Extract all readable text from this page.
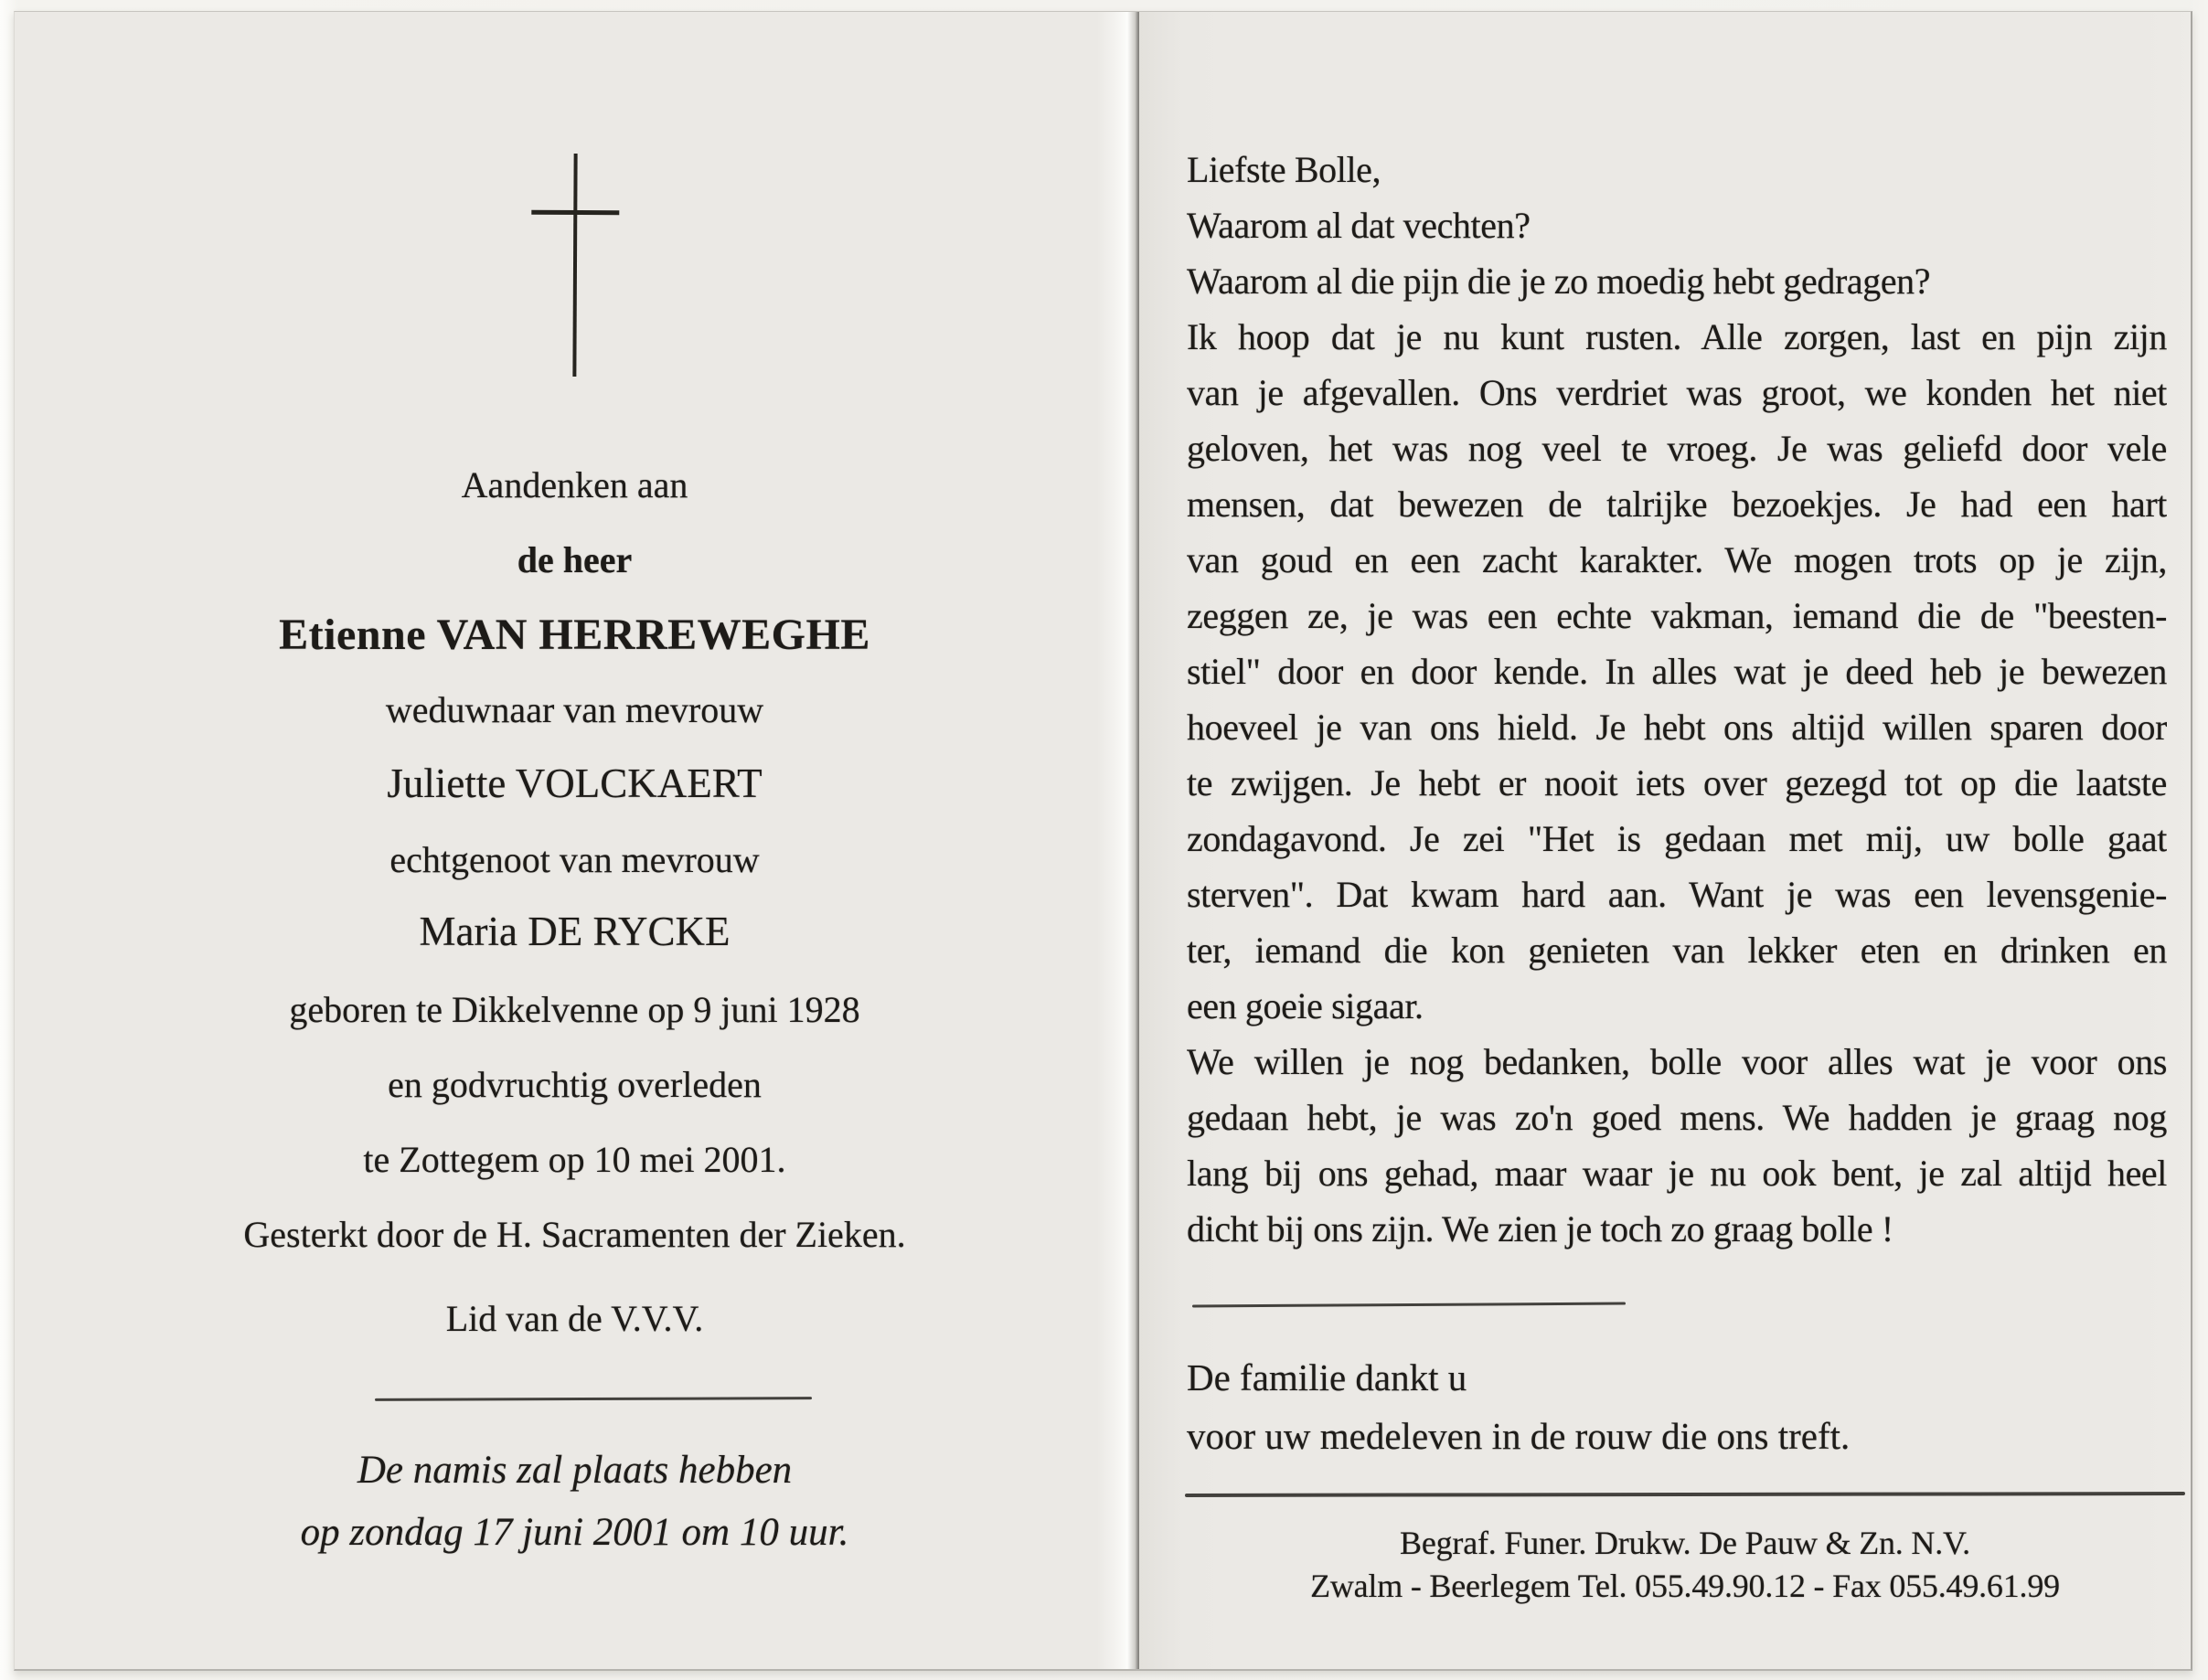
Aandenken aan
de heer
Etienne VAN HERREWEGHE
weduwnaar van mevrouw
Juliette VOLCKAERT
echtgenoot van mevrouw
Maria DE RYCKE
geboren te Dikkelvenne op 9 juni 1928
en godvruchtig overleden
te Zottegem op 10 mei 2001.
Gesterkt door de H. Sacramenten der Zieken.
Lid van de V.V.V.
De namis zal plaats hebben
op zondag 17 juni 2001 om 10 uur.
Liefste Bolle,
Waarom al dat vechten?
Waarom al die pijn die je zo moedig hebt gedragen?
Ik hoop dat je nu kunt rusten. Alle zorgen, last en pijn zijn
van je afgevallen. Ons verdriet was groot, we konden het niet
geloven, het was nog veel te vroeg. Je was geliefd door vele
mensen, dat bewezen de talrijke bezoekjes. Je had een hart
van goud en een zacht karakter. We mogen trots op je zijn,
zeggen ze, je was een echte vakman, iemand die de "beesten-
stiel" door en door kende. In alles wat je deed heb je bewezen
hoeveel je van ons hield. Je hebt ons altijd willen sparen door
te zwijgen. Je hebt er nooit iets over gezegd tot op die laatste
zondagavond. Je zei "Het is gedaan met mij, uw bolle gaat
sterven". Dat kwam hard aan. Want je was een levensgenie-
ter, iemand die kon genieten van lekker eten en drinken en
een goeie sigaar.
We willen je nog bedanken, bolle voor alles wat je voor ons
gedaan hebt, je was zo'n goed mens. We hadden je graag nog
lang bij ons gehad, maar waar je nu ook bent, je zal altijd heel
dicht bij ons zijn. We zien je toch zo graag bolle !
De familie dankt u
voor uw medeleven in de rouw die ons treft.
Begraf. Funer. Drukw. De Pauw & Zn. N.V.
Zwalm - Beerlegem Tel. 055.49.90.12 - Fax 055.49.61.99
